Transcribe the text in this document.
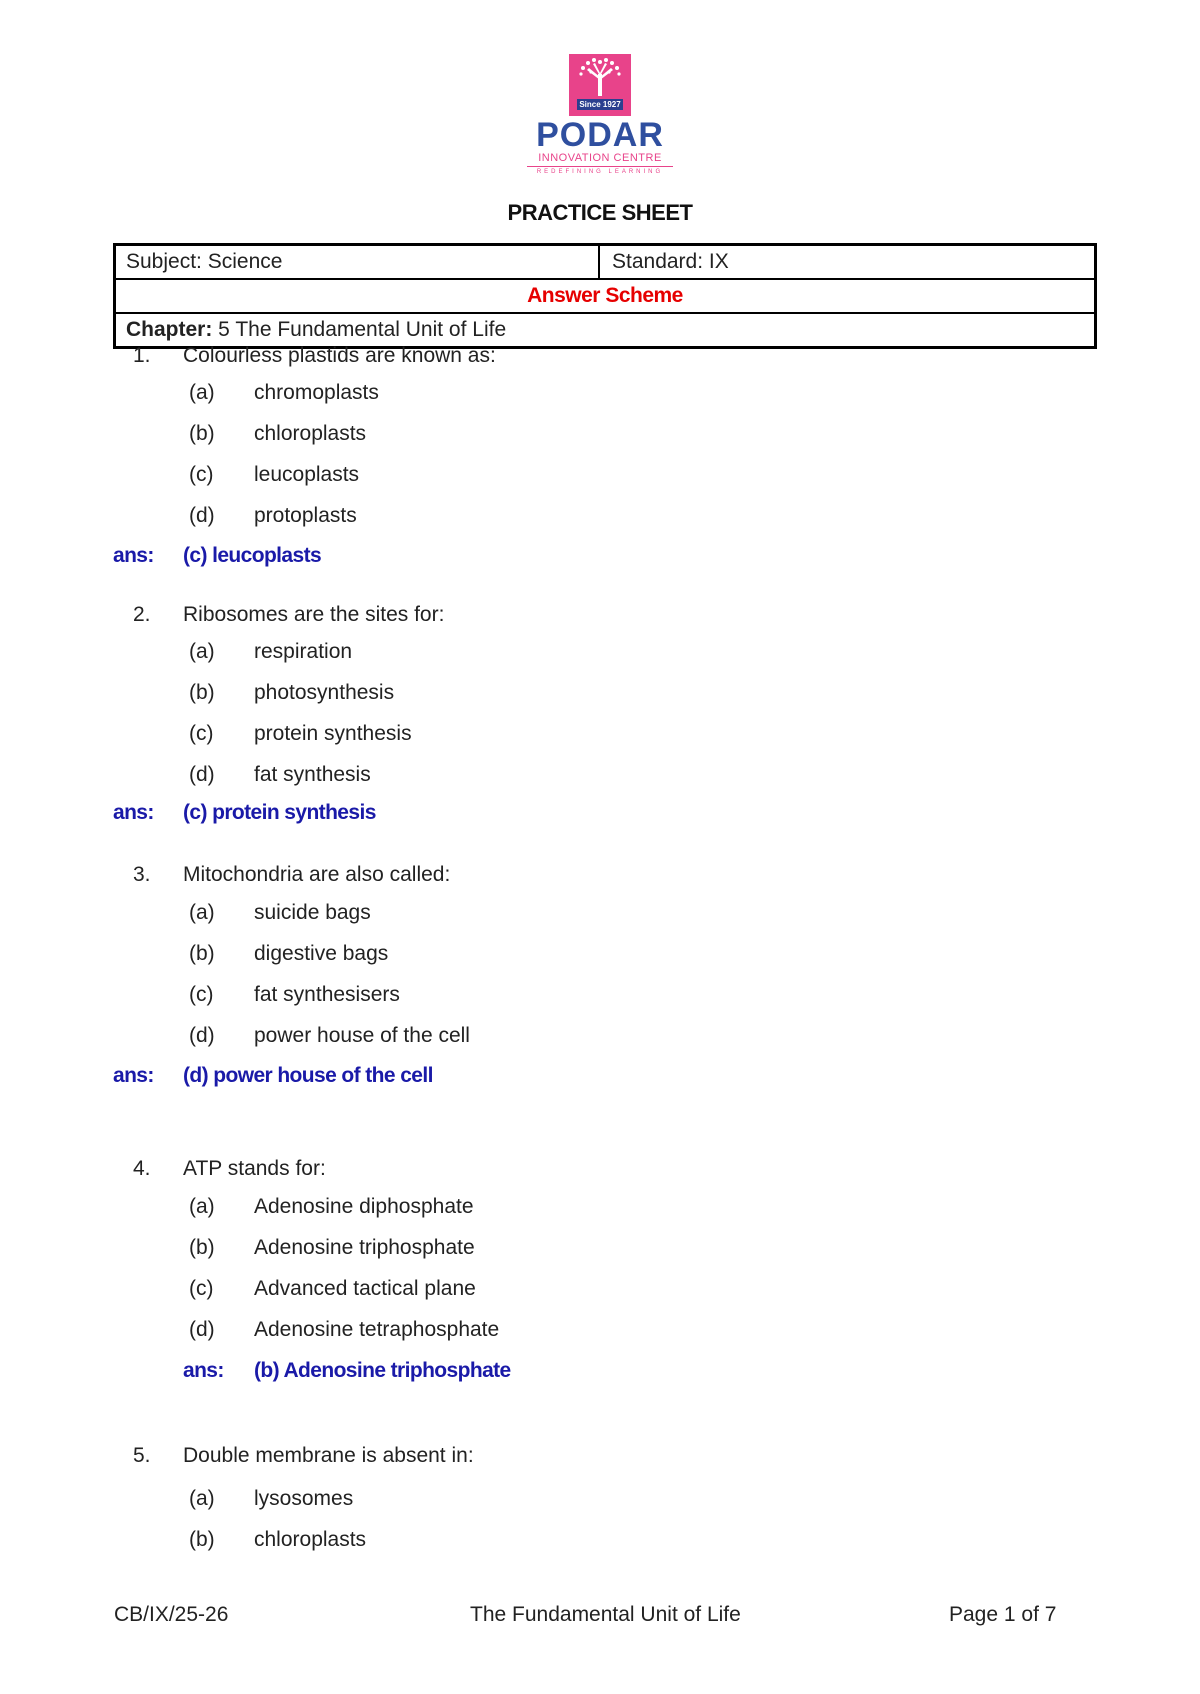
Since 1927
PODAR
INNOVATION CENTRE
REDEFINING LEARNING
PRACTICE SHEET
Subject: Science	Standard: IX
Answer Scheme
Chapter: 5 The Fundamental Unit of Life
1.	Colourless plastids are known as:
(a) chromoplasts
(b) chloroplasts
(c) leucoplasts
(d) protoplasts
ans: (c) leucoplasts
2.	Ribosomes are the sites for:
(a) respiration
(b) photosynthesis
(c) protein synthesis
(d) fat synthesis
ans: (c) protein synthesis
3.	Mitochondria are also called:
(a) suicide bags
(b) digestive bags
(c) fat synthesisers
(d) power house of the cell
ans: (d) power house of the cell
4.	ATP stands for:
(a) Adenosine diphosphate
(b) Adenosine triphosphate
(c) Advanced tactical plane
(d) Adenosine tetraphosphate
ans: (b) Adenosine triphosphate
5.	Double membrane is absent in:
(a) lysosomes
(b) chloroplasts
CB/IX/25-26	The Fundamental Unit of Life	Page 1 of 7
